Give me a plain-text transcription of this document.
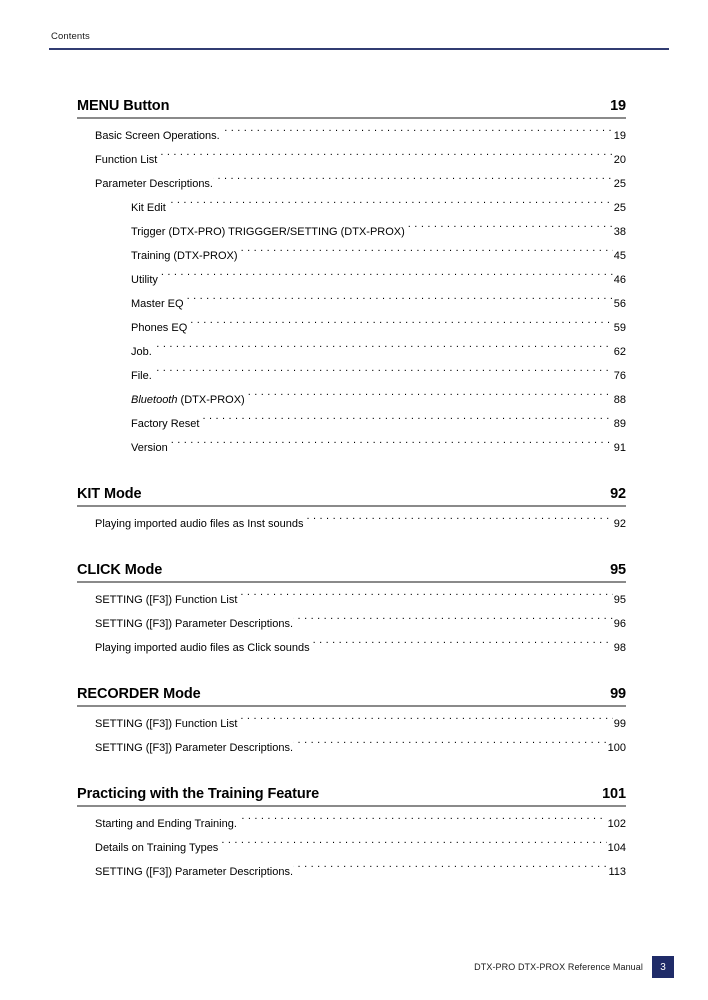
Contents
MENU Button	19
Basic Screen Operations. . . .	19
Function List . . .	20
Parameter Descriptions. . . .	25
Kit Edit . . .	25
Trigger (DTX-PRO) TRIGGGER/SETTING (DTX-PROX) . . .	38
Training (DTX-PROX) . . .	45
Utility . . .	46
Master EQ . . .	56
Phones EQ . . .	59
Job. . . .	62
File. . . .	76
Bluetooth (DTX-PROX) . . .	88
Factory Reset . . .	89
Version . . .	91
KIT Mode	92
Playing imported audio files as Inst sounds . . .	92
CLICK Mode	95
SETTING ([F3]) Function List . . .	95
SETTING ([F3]) Parameter Descriptions. . . .	96
Playing imported audio files as Click sounds . . .	98
RECORDER Mode	99
SETTING ([F3]) Function List . . .	99
SETTING ([F3]) Parameter Descriptions. . . .	100
Practicing with the Training Feature	101
Starting and Ending Training. . . .	102
Details on Training Types . . .	104
SETTING ([F3]) Parameter Descriptions. . . .	113
DTX-PRO DTX-PROX Reference Manual	3
